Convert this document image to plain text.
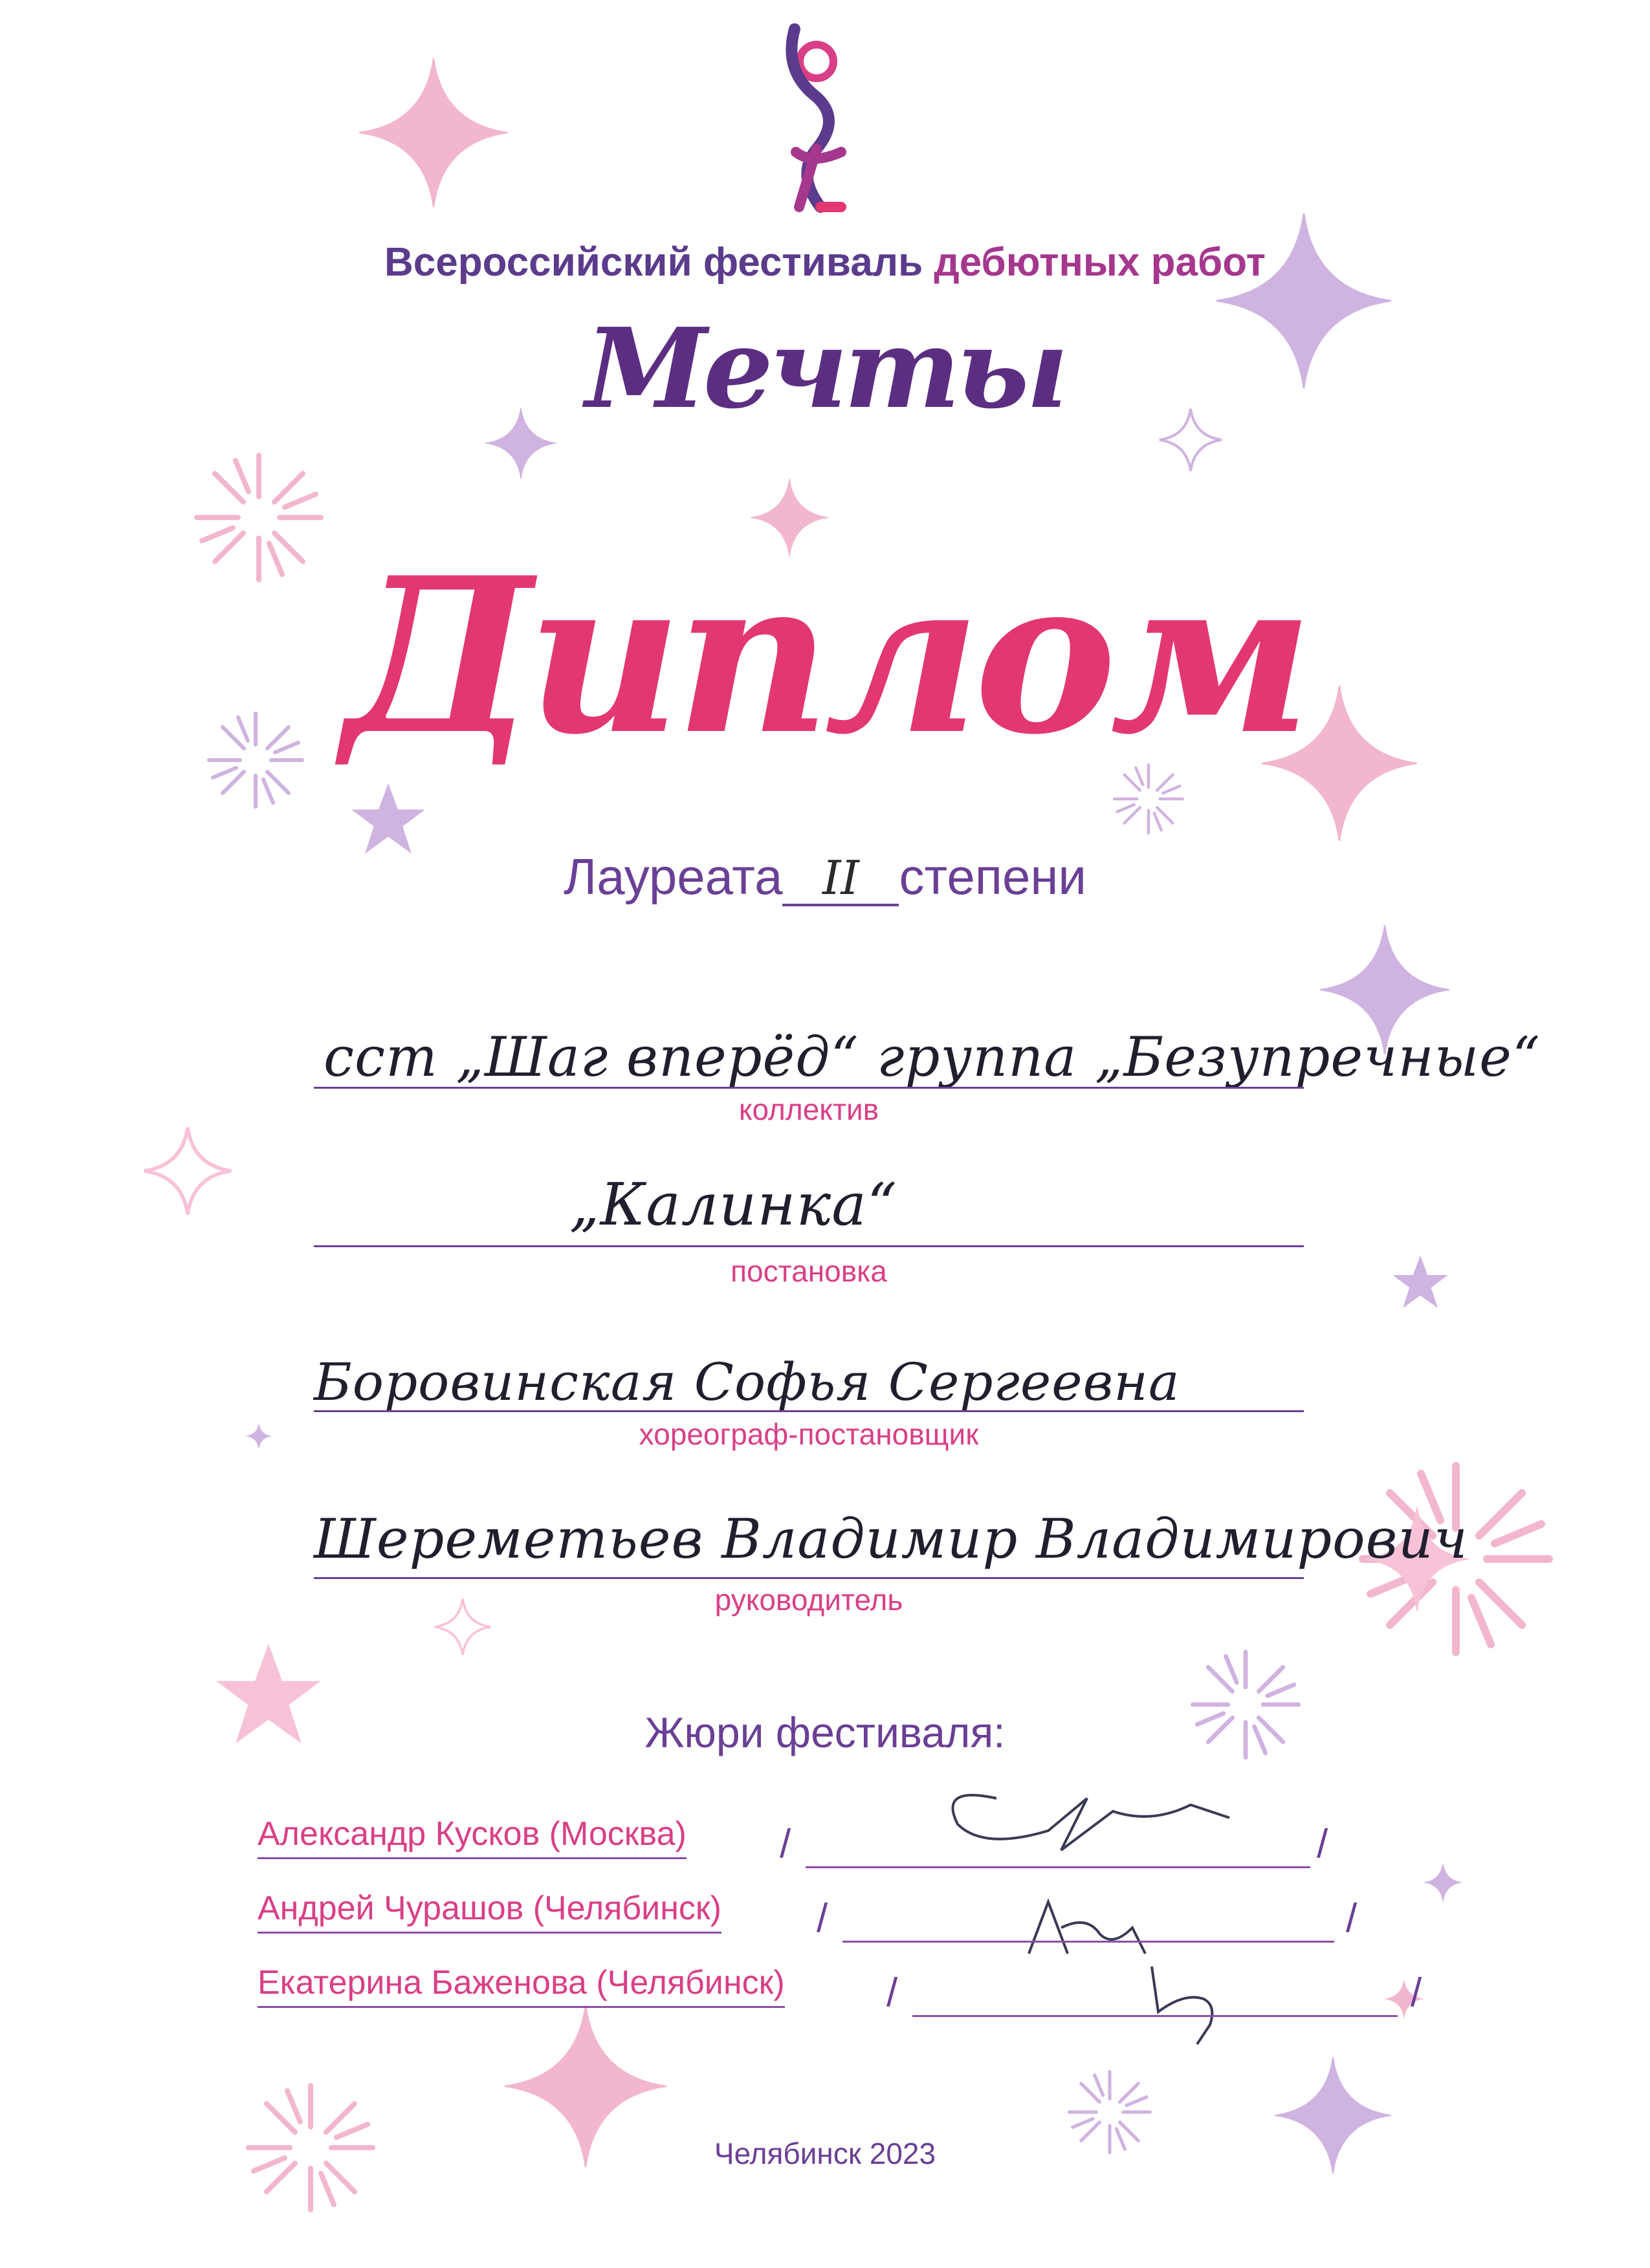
Всероссийский фестиваль дебютных работ
Мечты
Диплом
Лауреата II степени
сст „Шаг вперёд“ группа „Безупречные“
коллектив
„Калинка“
постановка
Боровинская Софья Сергеевна
хореограф-постановщик
Шереметьев Владимир Владимирович
руководитель
Жюри фестиваля:
Александр Кусков (Москва) /	/
Андрей Чурашов (Челябинск) /	/
Екатерина Баженова (Челябинск)	/	/
Челябинск 2023
